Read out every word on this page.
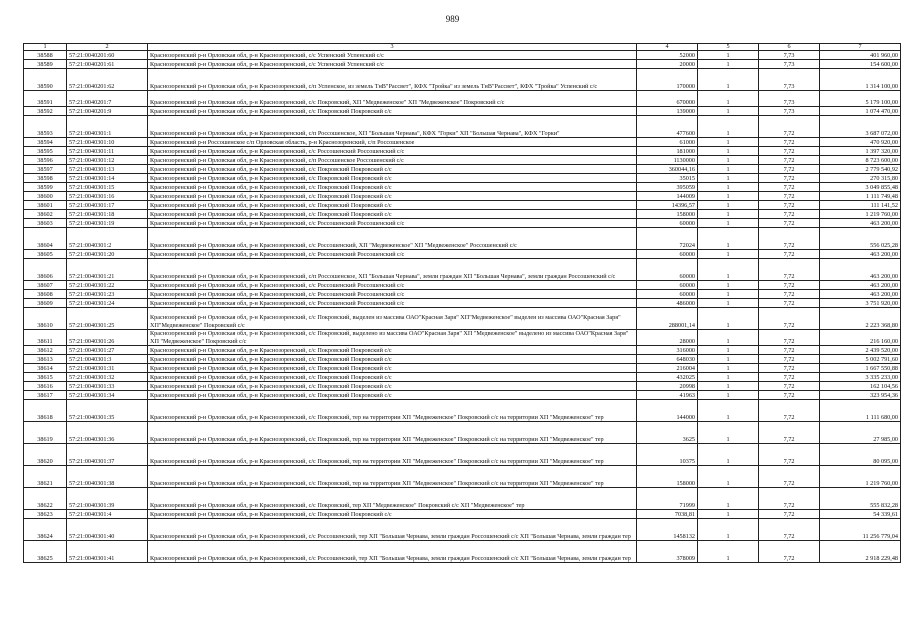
989
1	2	3	4	5	6	7
38588	57:21:0040201:60	Краснозоренский р-н Орловская обл, р-н Краснозоренский, с/с Успенский Успенский с/с	52000	1	7,73	401 960,00
38589	57:21:0040201:61	Краснозоренский р-н Орловская обл, р-н Краснозоренский, с/с Успенский Успенский с/с	20000	1	7,73	154 600,00
38590	57:21:0040201:62	Краснозоренский р-н Орловская обл, р-н Краснозоренский, с/п Успенское, из земель ТнВ"Рассвет", КФХ "Тройка" из земель ТнВ"Рассвет", КФХ "Тройка" Успенский с/с	170000	1	7,73	1 314 100,00
38591	57:21:0040201:7	Краснозоренский р-н Орловская обл, р-н Краснозоренский, с/с Покровский, ХП "Медвеженское" ХП "Медвеженское" Покровский с/с	670000	1	7,73	5 179 100,00
38592	57:21:0040201:9	Краснозоренский р-н Орловская обл, р-н Краснозоренский, с/с Покровский Покровский с/с	139000	1	7,73	1 074 470,00
38593	57:21:0040301:1	Краснозоренский р-н Орловская обл, р-н Краснозоренский, с/п Россошенское, ХП "Большая Чернава", КФХ "Горки" ХП "Большая Чернава", КФХ "Горки"	477600	1	7,72	3 687 072,00
38594	57:21:0040301:10	Краснозоренский р-н Россошенское с/п Орловская область, р-н Краснозоренский, с/п Россошенское	61000	1	7,72	470 920,00
38595	57:21:0040301:11	Краснозоренский р-н Орловская обл, р-н Краснозоренский, с/с Россошенский Россошенский с/с	181000	1	7,72	1 397 320,00
38596	57:21:0040301:12	Краснозоренский р-н Орловская обл, р-н Краснозоренский, с/п Россошенское Россошенский с/с	1130000	1	7,72	8 723 600,00
38597	57:21:0040301:13	Краснозоренский р-н Орловская обл, р-н Краснозоренский, с/с Покровский Покровский с/с	360044,16	1	7,72	2 779 540,92
38598	57:21:0040301:14	Краснозоренский р-н Орловская обл, р-н Краснозоренский, с/с Покровский Покровский с/с	35015	1	7,72	270 315,80
38599	57:21:0040301:15	Краснозоренский р-н Орловская обл, р-н Краснозоренский, с/с Покровский Покровский с/с	395059	1	7,72	3 049 855,48
38600	57:21:0040301:16	Краснозоренский р-н Орловская обл, р-н Краснозоренский, с/с Покровский Покровский с/с	144009	1	7,72	1 111 749,48
38601	57:21:0040301:17	Краснозоренский р-н Орловская обл, р-н Краснозоренский, с/с Покровский Покровский с/с	14396,57	1	7,72	111 141,52
38602	57:21:0040301:18	Краснозоренский р-н Орловская обл, р-н Краснозоренский, с/с Покровский Покровский с/с	158000	1	7,72	1 219 760,00
38603	57:21:0040301:19	Краснозоренский р-н Орловская обл, р-н Краснозоренский, с/с Россошенский Россошенский с/с	60000	1	7,72	463 200,00
38604	57:21:0040301:2	Краснозоренский р-н Орловская обл, р-н Краснозоренский, с/с Россошенский, ХП "Медвеженское" ХП "Медвеженское" Россошенский с/с	72024	1	7,72	556 025,28
38605	57:21:0040301:20	Краснозоренский р-н Орловская обл, р-н Краснозоренский, с/с Россошенский Россошенский с/с	60000	1	7,72	463 200,00
38606	57:21:0040301:21	Краснозоренский р-н Орловская обл, р-н Краснозоренский, с/п Россошенское, ХП "Большая Чернава", земли граждан ХП "Большая Чернава", земли граждан Россошенский с/с	60000	1	7,72	463 200,00
38607	57:21:0040301:22	Краснозоренский р-н Орловская обл, р-н Краснозоренский, с/с Россошенский Россошенский с/с	60000	1	7,72	463 200,00
38608	57:21:0040301:23	Краснозоренский р-н Орловская обл, р-н Краснозоренский, с/с Россошенский Россошенский с/с	60000	1	7,72	463 200,00
38609	57:21:0040301:24	Краснозоренский р-н Орловская обл, р-н Краснозоренский, с/с Россошенский Россошенский с/с	486000	1	7,72	3 751 920,00
38610	57:21:0040301:25	Краснозоренский р-н Орловская обл, р-н Краснозоренский, с/с Покровский, выделен из массива ОАО"Красная Заря" ХП"Медвеженское" выделен из массива ОАО"Красная Заря" ХП"Медвеженское" Покровский с/с	288001,14	1	7,72	2 223 368,80
38611	57:21:0040301:26	Краснозоренский р-н Орловская обл, р-н Краснозоренский, с/с Покровский, выделено из массива ОАО"Красная Заря" ХП "Медвеженское" выделено из массива ОАО"Красная Заря" ХП "Медвеженское" Покровский с/с	28000	1	7,72	216 160,00
38612	57:21:0040301:27	Краснозоренский р-н Орловская обл, р-н Краснозоренский, с/с Покровский Покровский с/с	316000	1	7,72	2 439 520,00
38613	57:21:0040301:3	Краснозоренский р-н Орловская обл, р-н Краснозоренский, с/с Покровский Покровский с/с	648030	1	7,72	5 002 791,60
38614	57:21:0040301:31	Краснозоренский р-н Орловская обл, р-н Краснозоренский, с/с Покровский Покровский с/с	216004	1	7,72	1 667 550,88
38615	57:21:0040301:32	Краснозоренский р-н Орловская обл, р-н Краснозоренский, с/с Покровский Покровский с/с	432025	1	7,72	3 335 233,00
38616	57:21:0040301:33	Краснозоренский р-н Орловская обл, р-н Краснозоренский, с/с Покровский Покровский с/с	20998	1	7,72	162 104,56
38617	57:21:0040301:34	Краснозоренский р-н Орловская обл, р-н Краснозоренский, с/с Покровский Покровский с/с	41963	1	7,72	323 954,36
38618	57:21:0040301:35	Краснозоренский р-н Орловская обл, р-н Краснозоренский, с/с Покровский, тер на территории ХП "Медвеженское" Покровский с/с на территории ХП "Медвеженское" тер	144000	1	7,72	1 111 680,00
38619	57:21:0040301:36	Краснозоренский р-н Орловская обл, р-н Краснозоренский, с/с Покровский, тер на территории ХП "Медвеженское" Покровский с/с на территории ХП "Медвеженское" тер	3625	1	7,72	27 985,00
38620	57:21:0040301:37	Краснозоренский р-н Орловская обл, р-н Краснозоренский, с/с Покровский, тер на территории ХП "Медвеженское" Покровский с/с на территории ХП "Медвеженское" тер	10375	1	7,72	80 095,00
38621	57:21:0040301:38	Краснозоренский р-н Орловская обл, р-н Краснозоренский, с/с Покровский, тер на территории ХП "Медвеженское" Покровский с/с на территории ХП "Медвеженское" тер	158000	1	7,72	1 219 760,00
38622	57:21:0040301:39	Краснозоренский р-н Орловская обл, р-н Краснозоренский, с/с Покровский, тер ХП "Медвеженское" Покровский с/с ХП "Медвеженское" тер	71999	1	7,72	555 832,28
38623	57:21:0040301:4	Краснозоренский р-н Орловская обл, р-н Краснозоренский, с/с Покровский Покровский с/с	7038,81	1	7,72	54 339,61
38624	57:21:0040301:40	Краснозоренский р-н Орловская обл, р-н Краснозоренский, с/с Россошенский, тер ХП "Большая Чернава, земли граждан Россошенский с/с ХП "Большая Чернава, земли граждан тер	1458132	1	7,72	11 256 779,04
38625	57:21:0040301:41	Краснозоренский р-н Орловская обл, р-н Краснозоренский, с/с Россошенский, тер ХП "Большая Чернава, земли граждан Россошенский с/с ХП "Большая Чернава, земли граждан тер	378009	1	7,72	2 918 229,48
